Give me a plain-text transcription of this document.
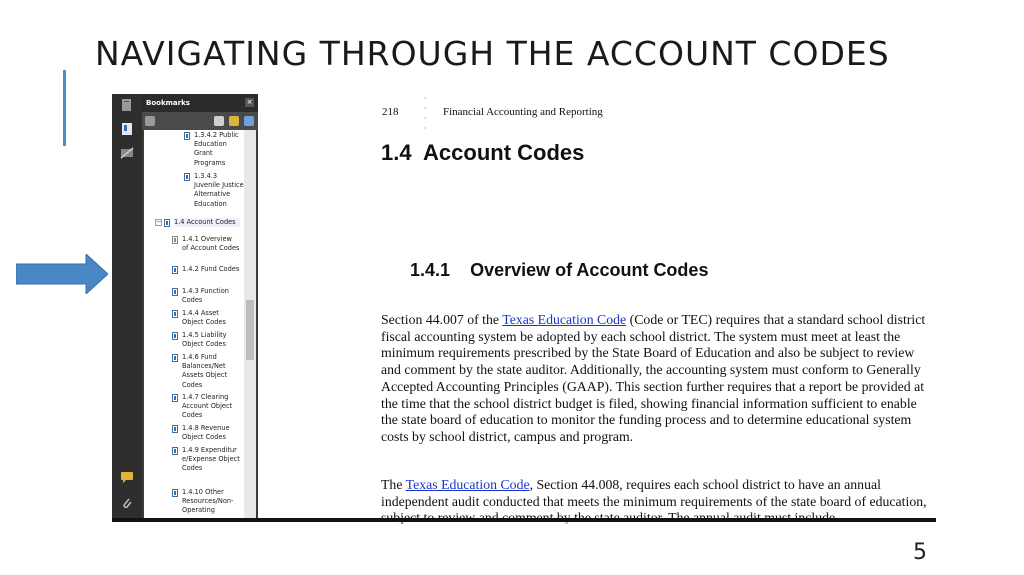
NAVIGATING THROUGH THE ACCOUNT CODES
Bookmarks	×
1.3.4.2 Public Education Grant Programs
1.3.4.3 Juvenile Justice Alternative Education
− 1.4 Account Codes
1.4.1 Overview of Account Codes
1.4.2 Fund Codes
1.4.3 Function Codes
1.4.4 Asset Object Codes
1.4.5 Liability Object Codes
1.4.6 Fund Balances/Net Assets Object Codes
1.4.7 Clearing Account Object Codes
1.4.8 Revenue Object Codes
1.4.9 Expenditure/Expense Object Codes
1.4.10 Other Resources/Non-Operating
·
·
·
·
218	Financial Accounting and Reporting
1.4 Account Codes
1.4.1 Overview of Account Codes
Section 44.007 of the Texas Education Code (Code or TEC) requires that a standard school district fiscal accounting system be adopted by each school district. The system must meet at least the minimum requirements prescribed by the State Board of Education and also be subject to review and comment by the state auditor. Additionally, the accounting system must conform to Generally Accepted Accounting Principles (GAAP). This section further requires that a report be provided at the time that the school district budget is filed, showing financial information sufficient to enable the state board of education to monitor the funding process and to determine educational system costs by school district, campus and program.
The Texas Education Code, Section 44.008, requires each school district to have an annual independent audit conducted that meets the minimum requirements of the state board of education,
5
